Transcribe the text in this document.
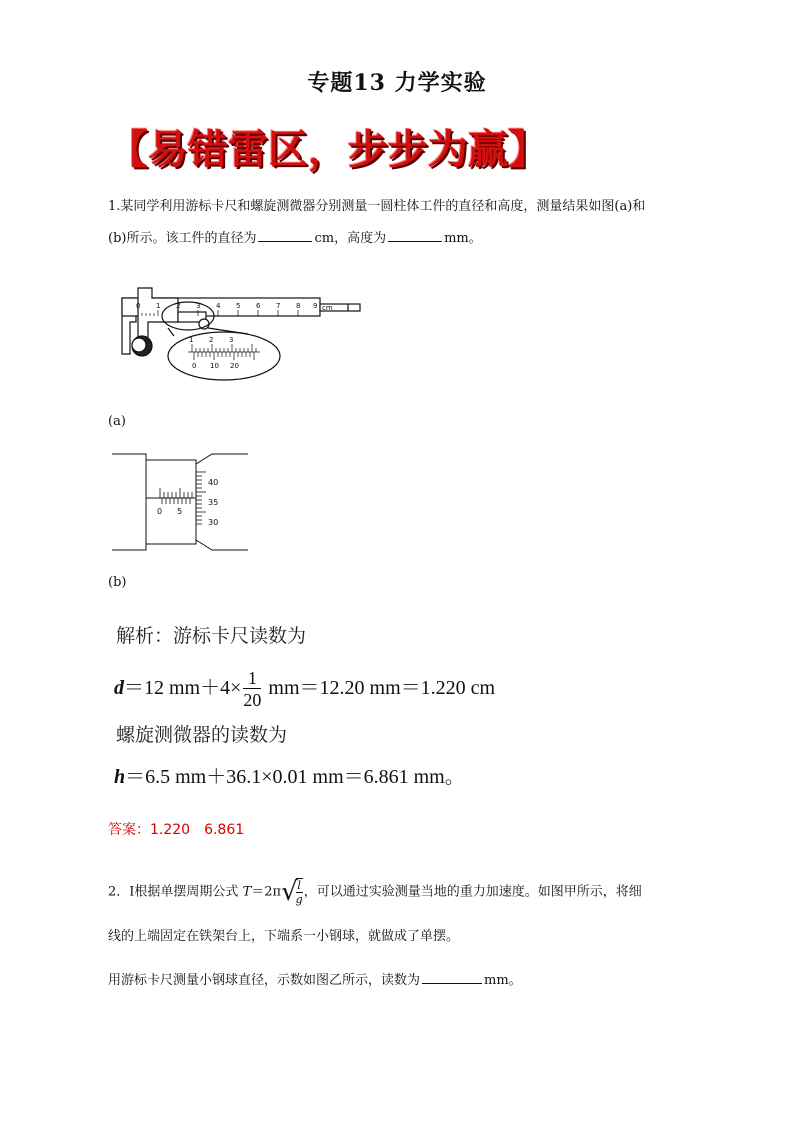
专题13 力学实验
【易错雷区，步步为赢】
1.某同学利用游标卡尺和螺旋测微器分别测量一圆柱体工件的直径和高度，测量结果如图(a)和
(b)所示。该工件的直径为	cm，高度为	mm。
0 1 2 3 4 5 6 7 8 9 cm
1 2 3
0 10 20
(a)
0 5
40
35
30
(b)
解析：游标卡尺读数为
d＝12 $mm+4\times \frac{1}{20} mm=12.20$ mm＝1.220 cm
螺旋测微器的读数为
h＝6.5 mm＋36.1×0.01 mm＝6.861 mm。
答案：1.220　6.861
2．Ⅰ根据单摆周期公式 T＝2π√
$\frac{l}{g}$ ，可以通过实验测量当地的重力加速度。如图甲所示，将细
线的上端固定在铁架台上，下端系一小钢球，就做成了单摆。
用游标卡尺测量小钢球直径，示数如图乙所示，读数为	mm。
